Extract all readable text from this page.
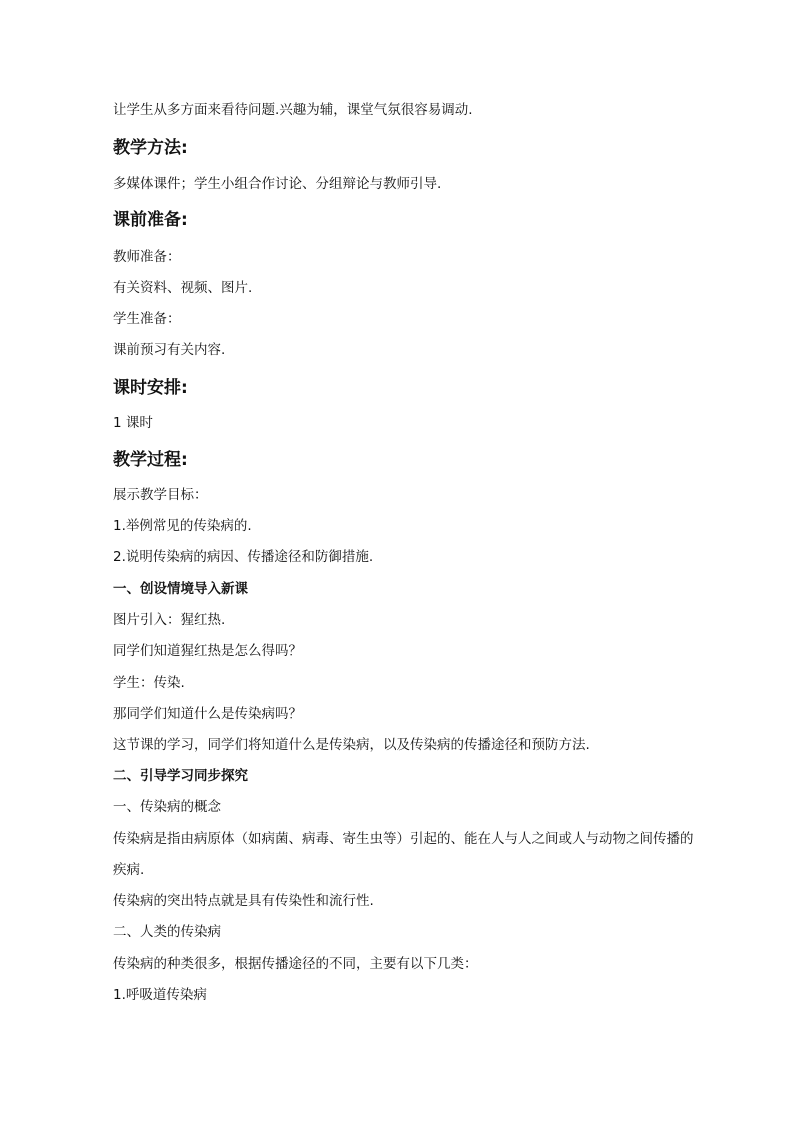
让学生从多方面来看待问题.兴趣为辅，课堂气氛很容易调动.
教学方法:
多媒体课件；学生小组合作讨论、分组辩论与教师引导.
课前准备:
教师准备：
有关资料、视频、图片.
学生准备：
课前预习有关内容.
课时安排:
1 课时
教学过程:
展示教学目标：
1.举例常见的传染病的.
2.说明传染病的病因、传播途径和防御措施.
一、创设情境导入新课
图片引入：猩红热.
同学们知道猩红热是怎么得吗？
学生：传染.
那同学们知道什么是传染病吗？
这节课的学习，同学们将知道什么是传染病，以及传染病的传播途径和预防方法.
二、引导学习同步探究
一、传染病的概念
传染病是指由病原体（如病菌、病毒、寄生虫等）引起的、能在人与人之间或人与动物之间传播的
疾病.
传染病的突出特点就是具有传染性和流行性.
二、人类的传染病
传染病的种类很多，根据传播途径的不同，主要有以下几类：
1.呼吸道传染病
